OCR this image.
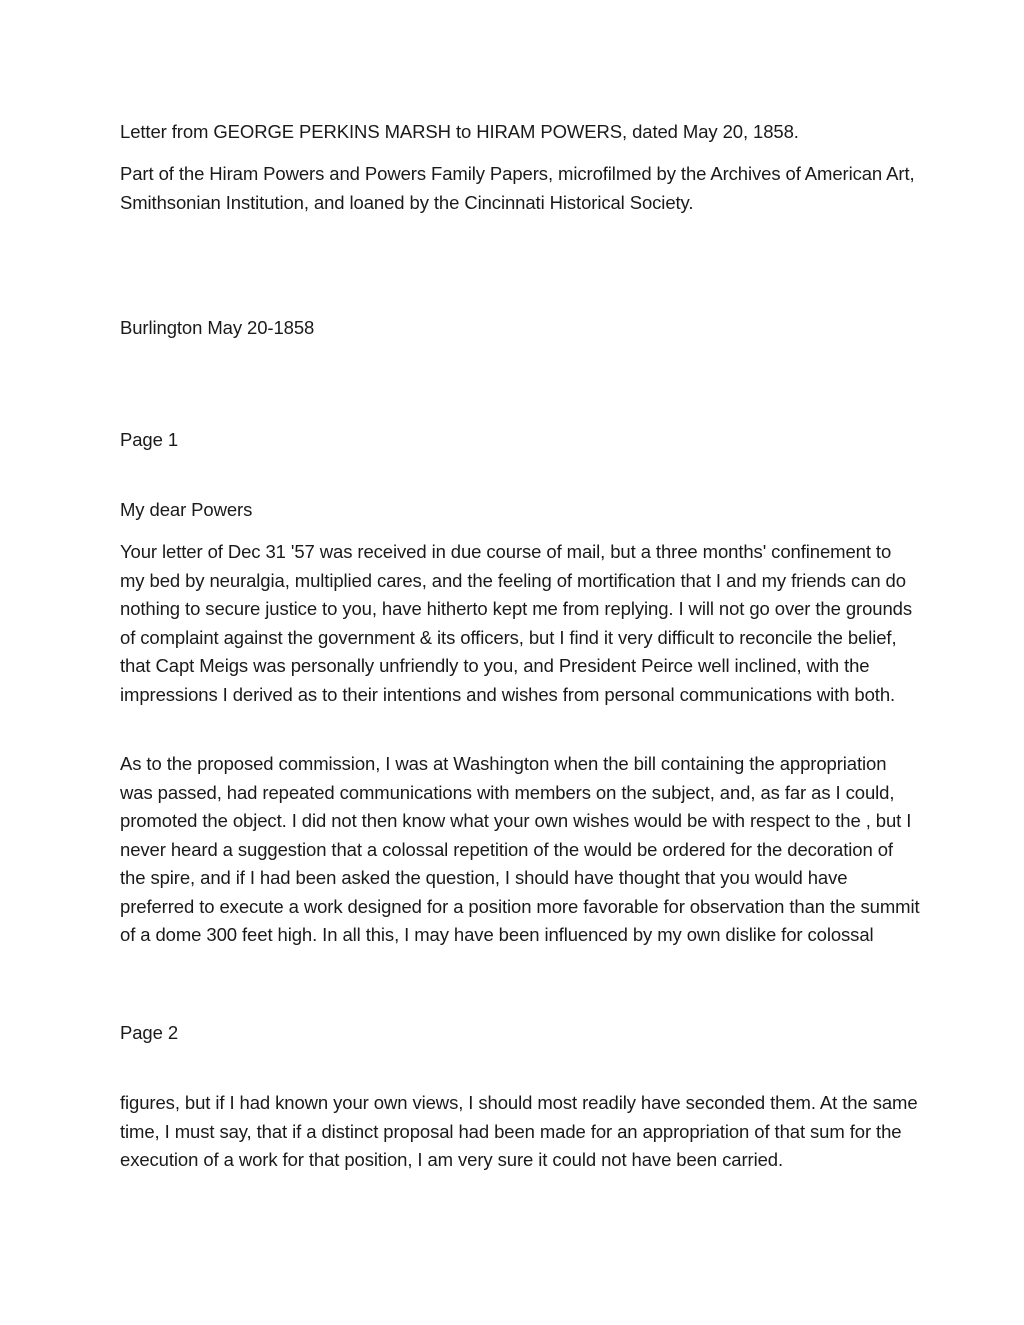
Letter from GEORGE PERKINS MARSH to HIRAM POWERS, dated May 20, 1858.
Part of the Hiram Powers and Powers Family Papers, microfilmed by the Archives of American Art, Smithsonian Institution, and loaned by the Cincinnati Historical Society.
Burlington May 20-1858
Page 1
My dear Powers
Your letter of Dec 31 '57 was received in due course of mail, but a three months' confinement to my bed by neuralgia, multiplied cares, and the feeling of mortification that I and my friends can do nothing to secure justice to you, have hitherto kept me from replying. I will not go over the grounds of complaint against the government & its officers, but I find it very difficult to reconcile the belief, that Capt Meigs was personally unfriendly to you, and President Peirce well inclined, with the impressions I derived as to their intentions and wishes from personal communications with both.
As to the proposed commission, I was at Washington when the bill containing the appropriation was passed, had repeated communications with members on the subject, and, as far as I could, promoted the object. I did not then know what your own wishes would be with respect to the , but I never heard a suggestion that a colossal repetition of the would be ordered for the decoration of the spire, and if I had been asked the question, I should have thought that you would have preferred to execute a work designed for a position more favorable for observation than the summit of a dome 300 feet high. In all this, I may have been influenced by my own dislike for colossal
Page 2
figures, but if I had known your own views, I should most readily have seconded them. At the same time, I must say, that if a distinct proposal had been made for an appropriation of that sum for the execution of a work for that position, I am very sure it could not have been carried.
